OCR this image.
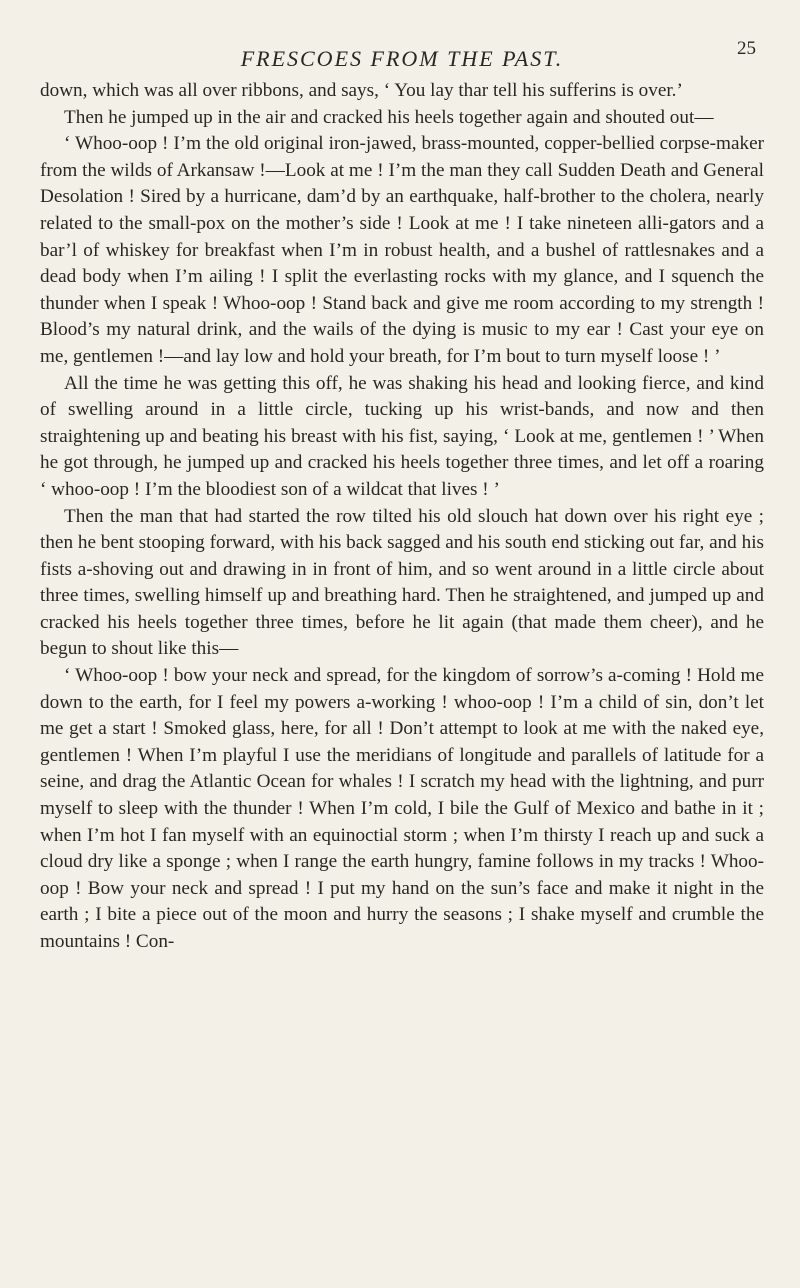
FRESCOES FROM THE PAST.	25

down, which was all over ribbons, and says, ‘ You lay thar tell his sufferins is over.’

Then he jumped up in the air and cracked his heels together again and shouted out—

‘ Whoo-oop ! I’m the old original iron-jawed, brass-mounted, copper-bellied corpse-maker from the wilds of Arkansaw !—Look at me ! I’m the man they call Sudden Death and General Desolation ! Sired by a hurricane, dam’d by an earthquake, half-brother to the cholera, nearly related to the small-pox on the mother’s side ! Look at me ! I take nineteen alli-gators and a bar’l of whiskey for breakfast when I’m in robust health, and a bushel of rattlesnakes and a dead body when I’m ailing ! I split the everlasting rocks with my glance, and I squench the thunder when I speak ! Whoo-oop ! Stand back and give me room according to my strength ! Blood’s my natural drink, and the wails of the dying is music to my ear ! Cast your eye on me, gentlemen !—and lay low and hold your breath, for I’m bout to turn myself loose ! ’

All the time he was getting this off, he was shaking his head and looking fierce, and kind of swelling around in a little circle, tucking up his wrist-bands, and now and then straightening up and beating his breast with his fist, saying, ‘ Look at me, gentlemen ! ’ When he got through, he jumped up and cracked his heels together three times, and let off a roaring ‘ whoo-oop ! I’m the bloodiest son of a wildcat that lives ! ’

Then the man that had started the row tilted his old slouch hat down over his right eye ; then he bent stooping forward, with his back sagged and his south end sticking out far, and his fists a-shoving out and drawing in in front of him, and so went around in a little circle about three times, swelling himself up and breathing hard. Then he straightened, and jumped up and cracked his heels together three times, before he lit again (that made them cheer), and he begun to shout like this—

‘ Whoo-oop ! bow your neck and spread, for the kingdom of sorrow’s a-coming ! Hold me down to the earth, for I feel my powers a-working ! whoo-oop ! I’m a child of sin, don’t let me get a start ! Smoked glass, here, for all ! Don’t attempt to look at me with the naked eye, gentlemen ! When I’m playful I use the meridians of longitude and parallels of latitude for a seine, and drag the Atlantic Ocean for whales ! I scratch my head with the lightning, and purr myself to sleep with the thunder ! When I’m cold, I bile the Gulf of Mexico and bathe in it ; when I’m hot I fan myself with an equinoctial storm ; when I’m thirsty I reach up and suck a cloud dry like a sponge ; when I range the earth hungry, famine follows in my tracks ! Whoo-oop ! Bow your neck and spread ! I put my hand on the sun’s face and make it night in the earth ; I bite a piece out of the moon and hurry the seasons ; I shake myself and crumble the mountains ! Con-
